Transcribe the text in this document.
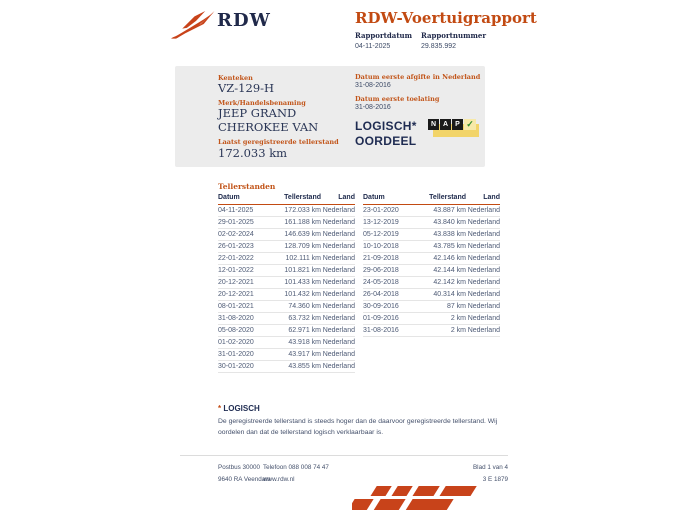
RDW	RDW-Voertuigrapport
Rapportdatum
04-11-2025
Rapportnummer
29.835.992
Kenteken
VZ-129-H
Merk/Handelsbenaming
JEEP GRAND
CHEROKEE VAN
Laatst geregistreerde tellerstand
172.033 km
Datum eerste afgifte in Nederland
31-08-2016
Datum eerste toelating
31-08-2016
LOGISCH*
OORDEEL
N A	P ✓
Tellerstanden
Datum	Tellerstand	Land
04-11-2025	172.033 km	Nederland
29-01-2025	161.188 km	Nederland
02-02-2024	146.639 km	Nederland
26-01-2023	128.709 km	Nederland
22-01-2022	102.111 km	Nederland
12-01-2022	101.821 km	Nederland
20-12-2021	101.433 km	Nederland
20-12-2021	101.432 km	Nederland
08-01-2021	74.360 km	Nederland
31-08-2020	63.732 km	Nederland
05-08-2020	62.971 km	Nederland
01-02-2020	43.918 km	Nederland
31-01-2020	43.917 km	Nederland
30-01-2020	43.855 km	Nederland
Datum	Tellerstand	Land
23-01-2020	43.887 km	Nederland
13-12-2019	43.840 km	Nederland
05-12-2019	43.838 km	Nederland
10-10-2018	43.785 km	Nederland
21-09-2018	42.146 km	Nederland
29-06-2018	42.144 km	Nederland
24-05-2018	42.142 km	Nederland
26-04-2018	40.314 km	Nederland
30-09-2016	87 km	Nederland
01-09-2016	2 km	Nederland
31-08-2016	2 km	Nederland
* LOGISCH
De geregistreerde tellerstand is steeds hoger dan de daarvoor geregistreerde tellerstand. Wij oordelen dan dat de tellerstand logisch verklaarbaar is.
Postbus 30000
9640 RA Veendam
Telefoon 088 008 74 47
www.rdw.nl
Blad 1 van 4
3 E 1879
